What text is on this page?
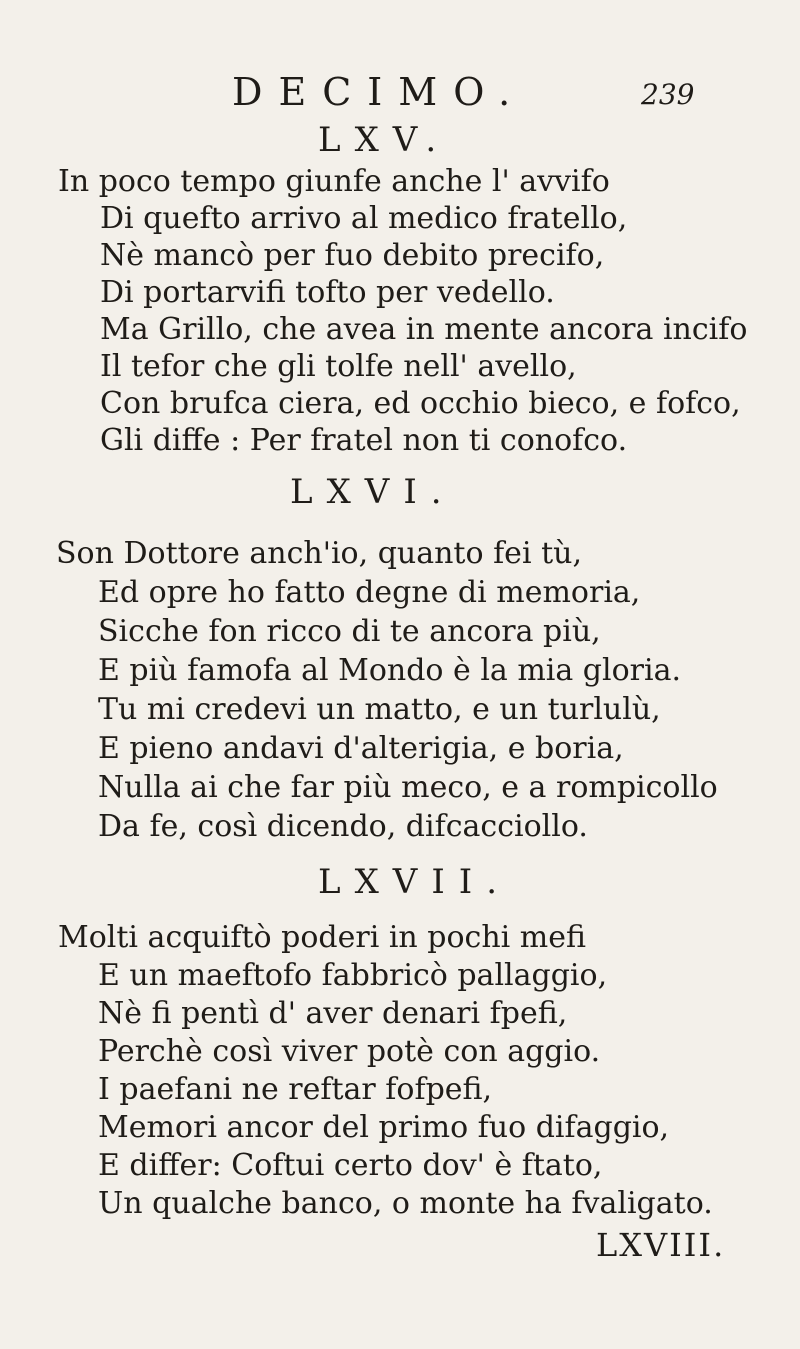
DECIMO.	239
LXV.
In poco tempo giunfe anche l' avvifo
Di quefto arrivo al medico fratello,
Nè mancò per fuo debito precifo,
Di portarvifi tofto per vedello.
Ma Grillo, che avea in mente ancora incifo
Il tefor che gli tolfe nell' avello,
Con brufca ciera, ed occhio bieco, e fofco,
Gli diffe : Per fratel non ti conofco.
LXVI.
Son Dottore anch'io, quanto fei tù,
Ed opre ho fatto degne di memoria,
Sicche fon ricco di te ancora più,
E più famofa al Mondo è la mia gloria.
Tu mi credevi un matto, e un turlulù,
E pieno andavi d'alterigia, e boria,
Nulla ai che far più meco, e a rompicollo
Da fe, così dicendo, difcacciollo.
LXVII.
Molti acquiftò poderi in pochi mefi
E un maeftofo fabbricò pallaggio,
Nè fi pentì d' aver denari fpefi,
Perchè così viver potè con aggio.
I paefani ne reftar fofpefi,
Memori ancor del primo fuo difaggio,
E differ: Coftui certo dov' è ftato,
Un qualche banco, o monte ha fvaligato.
LXVIII.
